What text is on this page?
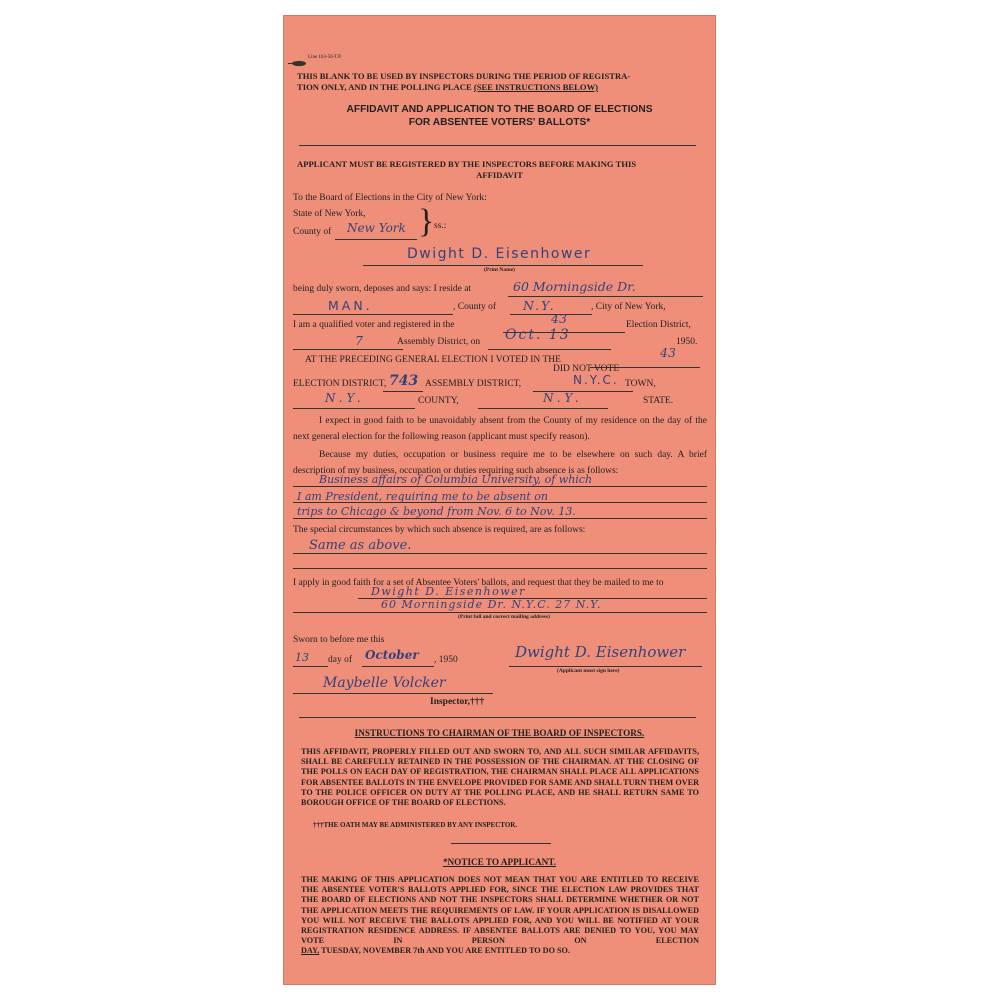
Line 163-50-T.P.
THIS BLANK TO BE USED BY INSPECTORS DURING THE PERIOD OF REGISTRA-
TION ONLY, AND IN THE POLLING PLACE (SEE INSTRUCTIONS BELOW)
AFFIDAVIT AND APPLICATION TO THE BOARD OF ELECTIONS
FOR ABSENTEE VOTERS' BALLOTS*
APPLICANT MUST BE REGISTERED BY THE INSPECTORS BEFORE MAKING THIS
AFFIDAVIT
To the Board of Elections in the City of New York:
State of New York,
County of New York } ss.:
Dwight D. Eisenhower
(Print Name)
being duly sworn, deposes and says: I reside at	60 Morningside Dr.
MAN.	, County of N.Y.	, City of New York,
I am a qualified voter and registered in the	43	Election District,
7	Assembly District, on Oct. 13	1950.
AT THE PRECEDING GENERAL ELECTION I VOTED IN THE	43
DID NOT VOTE
ELECTION DISTRICT, 743 ASSEMBLY DISTRICT,	N.Y.C. TOWN,
N.Y.	COUNTY,	N.Y.	STATE.
I expect in good faith to be unavoidably absent from the County of my residence on the day of the next general election for the following reason (applicant must specify reason).
Because my duties, occupation or business require me to be elsewhere on such day. A brief description of my business, occupation or duties requiring such absence is as follows:
Business affairs of Columbia University, of which
I am President, requiring me to be absent on
trips to Chicago & beyond from Nov. 6 to Nov. 13.
The special circumstances by which such absence is required, are as follows:
Same as above.
I apply in good faith for a set of Absentee Voters' ballots, and request that they be mailed to me to
Dwight D. Eisenhower
60 Morningside Dr. N.Y.C. 27 N.Y.
(Print full and correct mailing address)
Sworn to before me this
13 day of October , 1950	Dwight D. Eisenhower
(Applicant must sign here)
Maybelle Volcker
Inspector,†††
INSTRUCTIONS TO CHAIRMAN OF THE BOARD OF INSPECTORS.
THIS AFFIDAVIT, PROPERLY FILLED OUT AND SWORN TO, AND ALL SUCH SIMILAR AFFIDAVITS, SHALL BE CAREFULLY RETAINED IN THE POSSESSION OF THE CHAIRMAN. AT THE CLOSING OF THE POLLS ON EACH DAY OF REGISTRATION, THE CHAIRMAN SHALL PLACE ALL APPLICATIONS FOR ABSENTEE BALLOTS IN THE ENVELOPE PROVIDED FOR SAME AND SHALL TURN THEM OVER TO THE POLICE OFFICER ON DUTY AT THE POLLING PLACE, AND HE SHALL RETURN SAME TO BOROUGH OFFICE OF THE BOARD OF ELECTIONS.
†††THE OATH MAY BE ADMINISTERED BY ANY INSPECTOR.
*NOTICE TO APPLICANT.
THE MAKING OF THIS APPLICATION DOES NOT MEAN THAT YOU ARE ENTITLED TO RECEIVE THE ABSENTEE VOTER'S BALLOTS APPLIED FOR, SINCE THE ELECTION LAW PROVIDES THAT THE BOARD OF ELECTIONS AND NOT THE INSPECTORS SHALL DETERMINE WHETHER OR NOT THE APPLICATION MEETS THE REQUIREMENTS OF LAW. IF YOUR APPLICATION IS DISALLOWED YOU WILL NOT RECEIVE THE BALLOTS APPLIED FOR, AND YOU WILL BE NOTIFIED AT YOUR REGISTRATION RESIDENCE ADDRESS. IF ABSENTEE BALLOTS ARE DENIED TO YOU, YOU MAY VOTE IN PERSON ON ELECTION
DAY, TUESDAY, NOVEMBER 7th AND YOU ARE ENTITLED TO DO SO.
